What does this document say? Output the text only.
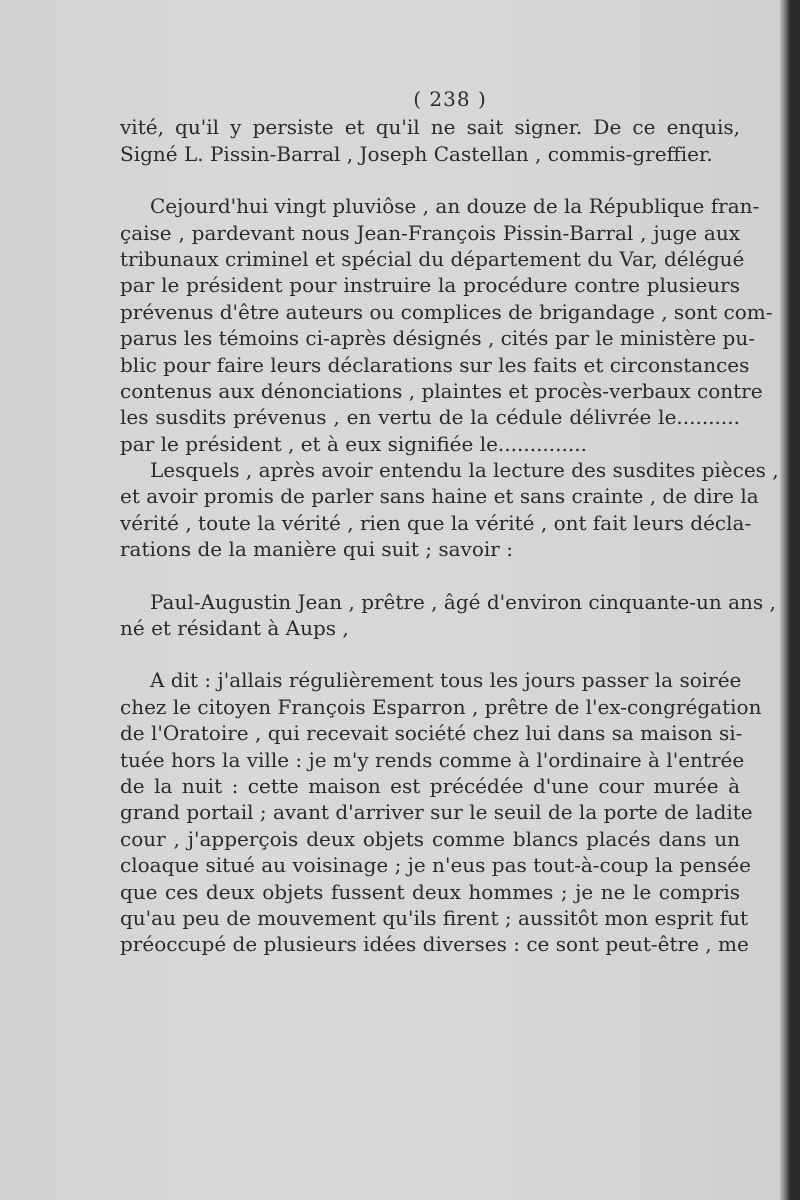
( 238 )
vité, qu'il y persiste et qu'il ne sait signer. De ce enquis,
Signé L. Pissin-Barral , Joseph Castellan , commis-greffier.
Cejourd'hui vingt pluviôse , an douze de la République fran-
çaise , pardevant nous Jean-François Pissin-Barral , juge aux
tribunaux criminel et spécial du département du Var, délégué
par le président pour instruire la procédure contre plusieurs
prévenus d'être auteurs ou complices de brigandage , sont com-
parus les témoins ci-après désignés , cités par le ministère pu-
blic pour faire leurs déclarations sur les faits et circonstances
contenus aux dénonciations , plaintes et procès-verbaux contre
les susdits prévenus , en vertu de la cédule délivrée le..........
par le président , et à eux signifiée le..............
Lesquels , après avoir entendu la lecture des susdites pièces ,
et avoir promis de parler sans haine et sans crainte , de dire la
vérité , toute la vérité , rien que la vérité , ont fait leurs décla-
rations de la manière qui suit ; savoir :
Paul-Augustin Jean , prêtre , âgé d'environ cinquante-un ans ,
né et résidant à Aups ,
A dit : j'allais régulièrement tous les jours passer la soirée
chez le citoyen François Esparron , prêtre de l'ex-congrégation
de l'Oratoire , qui recevait société chez lui dans sa maison si-
tuée hors la ville : je m'y rends comme à l'ordinaire à l'entrée
de la nuit : cette maison est précédée d'une cour murée à
grand portail ; avant d'arriver sur le seuil de la porte de ladite
cour , j'apperçois deux objets comme blancs placés dans un
cloaque situé au voisinage ; je n'eus pas tout-à-coup la pensée
que ces deux objets fussent deux hommes ; je ne le compris
qu'au peu de mouvement qu'ils firent ; aussitôt mon esprit fut
préoccupé de plusieurs idées diverses : ce sont peut-être , me
